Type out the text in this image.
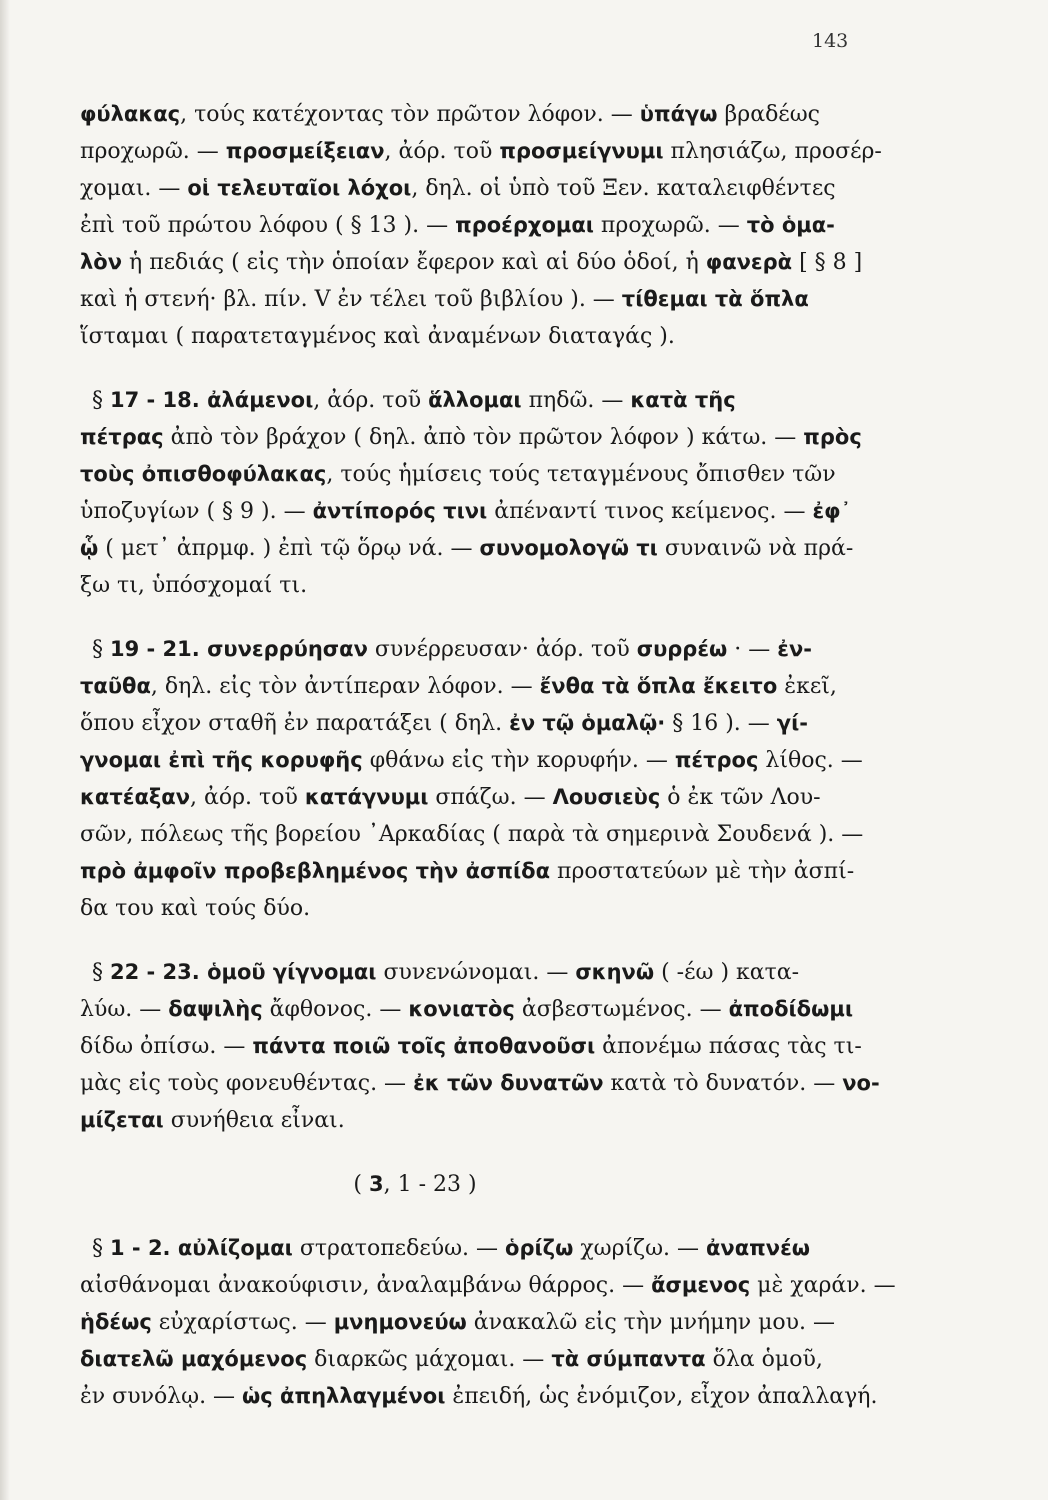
143
φύλακας, τούς κατέχοντας τὸν πρῶτον λόφον. — ὑπάγω βραδέως
προχωρῶ. — προσμείξειαν, ἀόρ. τοῦ προσμείγνυμι πλησιάζω, προσέρ-
χομαι. — οἱ τελευταῖοι λόχοι, δηλ. οἱ ὑπὸ τοῦ Ξεν. καταλειφθέντες
ἐπὶ τοῦ πρώτου λόφου ( § 13 ). — προέρχομαι προχωρῶ. — τὸ ὁμα-
λὸν ἡ πεδιάς ( εἰς τὴν ὁποίαν ἔφερον καὶ αἱ δύο ὁδοί, ἡ φανερὰ [ § 8 ]
καὶ ἡ στενή· βλ. πίν. V ἐν τέλει τοῦ βιβλίου ). — τίθεμαι τὰ ὅπλα
ἵσταμαι ( παρατεταγμένος καὶ ἀναμένων διαταγάς ).
§ 17 - 18. ἀλάμενοι, ἀόρ. τοῦ ἅλλομαι πηδῶ. — κατὰ τῆς
πέτρας ἀπὸ τὸν βράχον ( δηλ. ἀπὸ τὸν πρῶτον λόφον ) κάτω. — πρὸς
τοὺς ὀπισθοφύλακας, τούς ἡμίσεις τούς τεταγμένους ὄπισθεν τῶν
ὑποζυγίων ( § 9 ). — ἀντίπορός τινι ἀπέναντί τινος κείμενος. — ἐφ᾿
ᾧ ( μετ᾿ ἀπρμφ. ) ἐπὶ τῷ ὅρῳ νά. — συνομολογῶ τι συναινῶ νὰ πρά-
ξω τι, ὑπόσχομαί τι.
§ 19 - 21. συνερρύησαν συνέρρευσαν· ἀόρ. τοῦ συρρέω · — ἐν-
ταῦθα, δηλ. εἰς τὸν ἀντίπεραν λόφον. — ἔνθα τὰ ὅπλα ἔκειτο ἐκεῖ,
ὅπου εἶχον σταθῆ ἐν παρατάξει ( δηλ. ἐν τῷ ὁμαλῷ· § 16 ). — γί-
γνομαι ἐπὶ τῆς κορυφῆς φθάνω εἰς τὴν κορυφήν. — πέτρος λίθος. —
κατέαξαν, ἀόρ. τοῦ κατάγνυμι σπάζω. — Λουσιεὺς ὁ ἐκ τῶν Λου-
σῶν, πόλεως τῆς βορείου ᾿Αρκαδίας ( παρὰ τὰ σημερινὰ Σουδενά ). —
πρὸ ἀμφοῖν προβεβλημένος τὴν ἀσπίδα προστατεύων μὲ τὴν ἀσπί-
δα του καὶ τούς δύο.
§ 22 - 23. ὁμοῦ γίγνομαι συνενώνομαι. — σκηνῶ ( -έω ) κατα-
λύω. — δαψιλὴς ἄφθονος. — κονιατὸς ἀσβεστωμένος. — ἀποδίδωμι
δίδω ὀπίσω. — πάντα ποιῶ τοῖς ἀποθανοῦσι ἀπονέμω πάσας τὰς τι-
μὰς εἰς τοὺς φονευθέντας. — ἐκ τῶν δυνατῶν κατὰ τὸ δυνατόν. — νο-
μίζεται συνήθεια εἶναι.
( 3, 1 - 23 )
§ 1 - 2. αὐλίζομαι στρατοπεδεύω. — ὁρίζω χωρίζω. — ἀναπνέω
αἰσθάνομαι ἀνακούφισιν, ἀναλαμβάνω θάρρος. — ἄσμενος μὲ χαράν. —
ἡδέως εὐχαρίστως. — μνημονεύω ἀνακαλῶ εἰς τὴν μνήμην μου. —
διατελῶ μαχόμενος διαρκῶς μάχομαι. — τὰ σύμπαντα ὅλα ὁμοῦ,
ἐν συνόλῳ. — ὡς ἀπηλλαγμένοι ἐπειδή, ὡς ἐνόμιζον, εἶχον ἀπαλλαγή.
